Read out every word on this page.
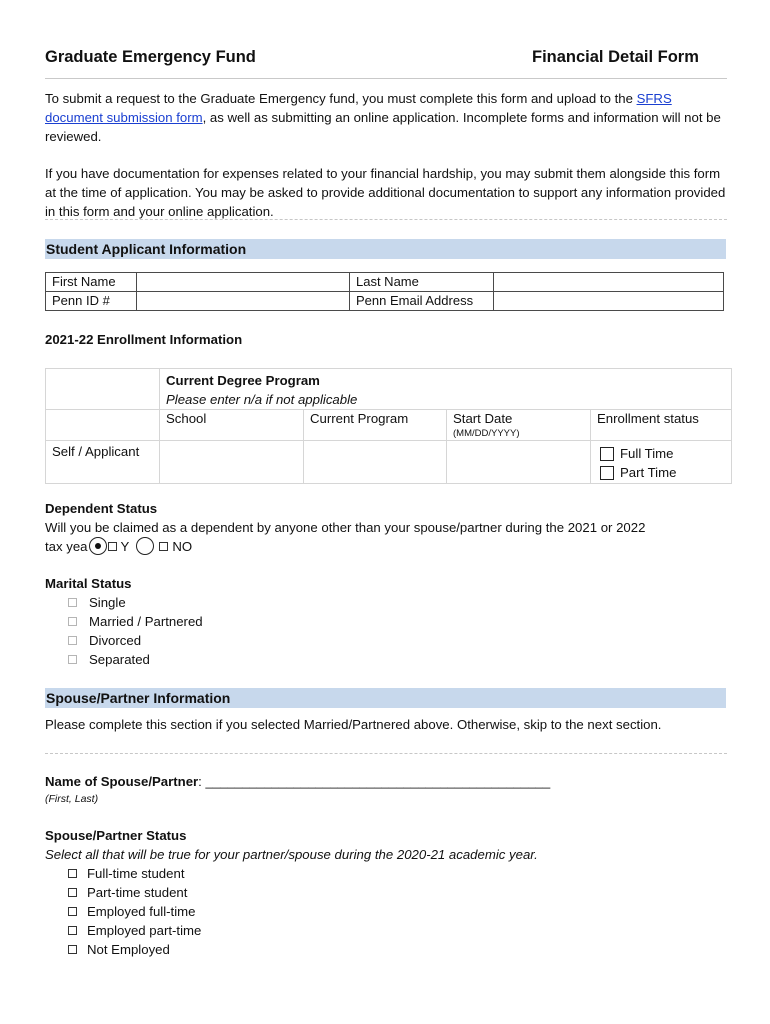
Graduate Emergency Fund	Financial Detail Form

To submit a request to the Graduate Emergency fund, you must complete this form and upload to the SFRS document submission form, as well as submitting an online application. Incomplete forms and information will not be reviewed.

If you have documentation for expenses related to your financial hardship, you may submit them alongside this form at the time of application. You may be asked to provide additional documentation to support any information provided in this form and your online application.

Student Applicant Information
First Name		Last Name	
Penn ID #		Penn Email Address	
2021-22 Enrollment Information

	Current Degree Program
Please enter n/a if not applicable			

	School	Current Program	Start Date
(MM/DD/YYYY)	Enrollment status
Self / Applicant				Full Time
Part Time
Dependent Status
Will you be claimed as a dependent by anyone other than your spouse/partner during the 2021 or 2022
tax yea	Y	NO
Marital Status
Single
Married / Partnered
Divorced
Separated
Spouse/Partner Information
Please complete this section if you selected Married/Partnered above. Otherwise, skip to the next section.
Name of Spouse/Partner: _______________________________________________
(First, Last)
Spouse/Partner Status
Select all that will be true for your partner/spouse during the 2020-21 academic year.
Full-time student
Part-time student
Employed full-time
Employed part-time
Not Employed
